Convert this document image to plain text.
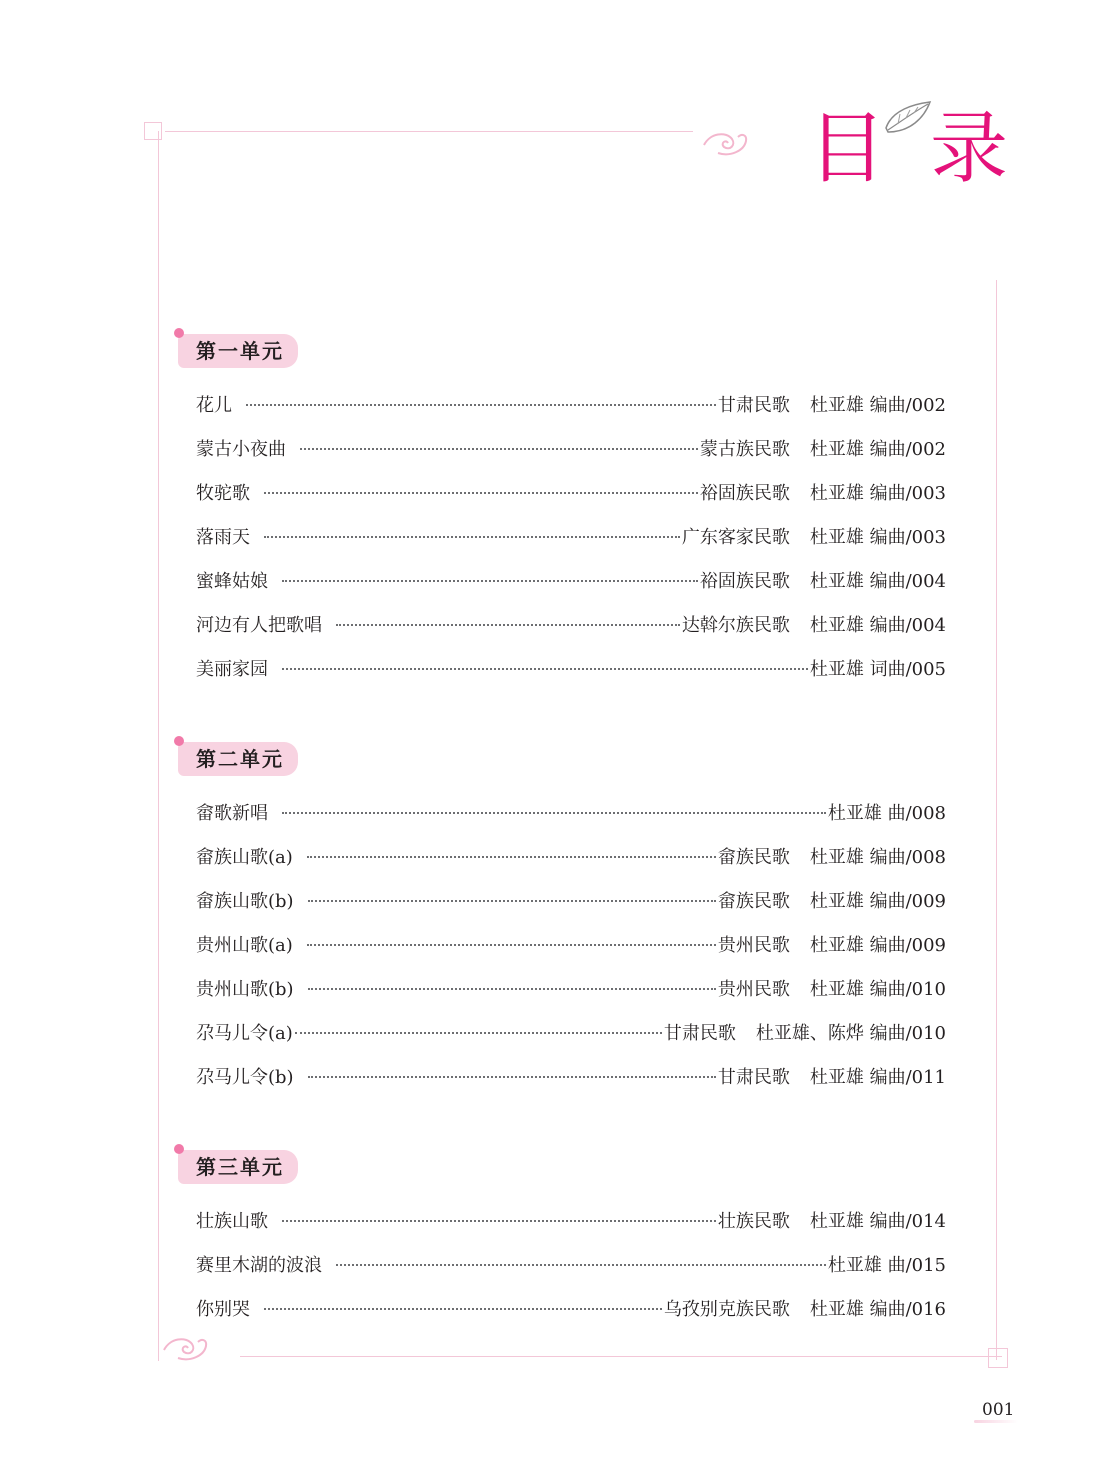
目 录
第一单元
花儿	甘肃民歌 杜亚雄 编曲 /002
蒙古小夜曲	蒙古族民歌 杜亚雄 编曲 /002
牧驼歌	裕固族民歌 杜亚雄 编曲 /003
落雨天	广东客家民歌 杜亚雄 编曲 /003
蜜蜂姑娘	裕固族民歌 杜亚雄 编曲 /004
河边有人把歌唱	达斡尔族民歌 杜亚雄 编曲 /004
美丽家园	杜亚雄 词曲 /005
第二单元
畲歌新唱	杜亚雄 曲 /008
畲族山歌(a)	畲族民歌 杜亚雄 编曲 /008
畲族山歌(b)	畲族民歌 杜亚雄 编曲 /009
贵州山歌(a)	贵州民歌 杜亚雄 编曲 /009
贵州山歌(b)	贵州民歌 杜亚雄 编曲 /010
尕马儿令(a)	甘肃民歌 杜亚雄、陈烨 编曲 /010
尕马儿令(b)	甘肃民歌 杜亚雄 编曲 /011
第三单元
壮族山歌	壮族民歌 杜亚雄 编曲 /014
赛里木湖的波浪	杜亚雄 曲 /015
你别哭	乌孜别克族民歌 杜亚雄 编曲 /016
001
